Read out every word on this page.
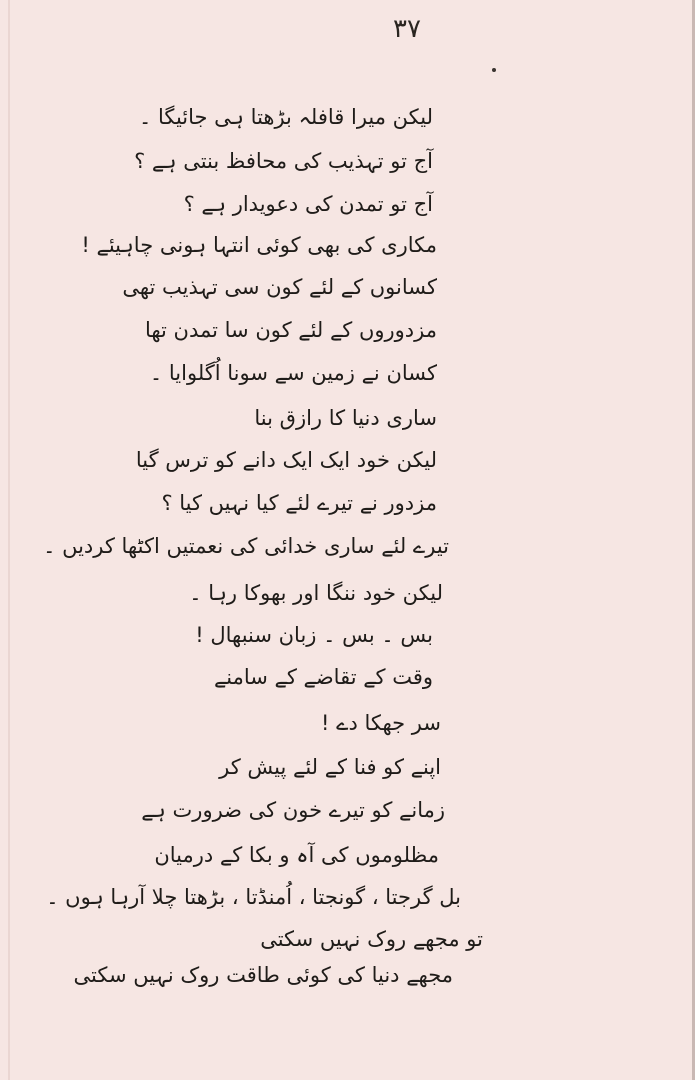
۳۷
لیکن میرا قافلہ بڑھتا ہی جائیگا ۔
آج تو تہذیب کی محافظ بنتی ہے ؟
آج تو تمدن کی دعویدار ہے ؟
مکاری کی بھی کوئی انتہا ہونی چاہیئے !
کسانوں کے لئے کون سی تہذیب تھی
مزدوروں کے لئے کون سا تمدن تھا
کسان نے زمین سے سونا اُگلوایا ۔
ساری دنیا کا رازق بنا
لیکن خود ایک ایک دانے کو ترس گیا
مزدور نے تیرے لئے کیا نہیں کیا ؟
تیرے لئے ساری خدائی کی نعمتیں اکٹھا کردیں ۔
لیکن خود ننگا اور بھوکا رہا ۔
بس ۔ بس ۔ زبان سنبھال !
وقت کے تقاضے کے سامنے
سر جھکا دے !
اپنے کو فنا کے لئے پیش کر
زمانے کو تیرے خون کی ضرورت ہے
مظلوموں کی آہ و بکا کے درمیان
بل گرجتا ، گونجتا ، اُمنڈتا ، بڑھتا چلا آرہا ہوں ۔
تو مجھے روک نہیں سکتی
مجھے دنیا کی کوئی طاقت روک نہیں سکتی
